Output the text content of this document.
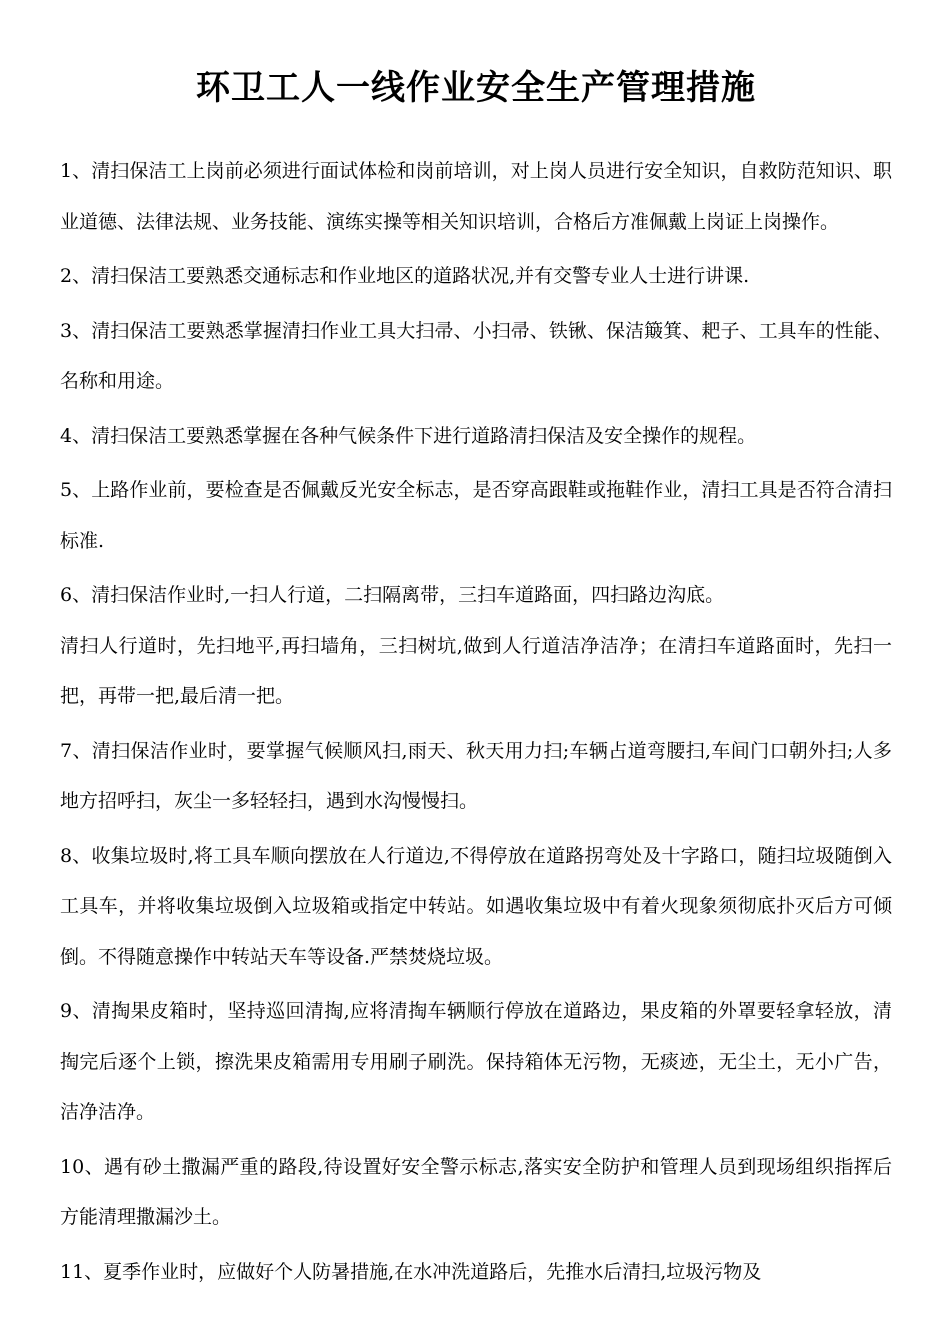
环卫工人一线作业安全生产管理措施

1、清扫保洁工上岗前必须进行面试体检和岗前培训，对上岗人员进行安全知识，自救防范知识、职业道德、法律法规、业务技能、演练实操等相关知识培训，合格后方准佩戴上岗证上岗操作。

2、清扫保洁工要熟悉交通标志和作业地区的道路状况,并有交警专业人士进行讲课.

3、清扫保洁工要熟悉掌握清扫作业工具大扫帚、小扫帚、铁锹、保洁簸箕、耙子、工具车的性能、名称和用途。

4、清扫保洁工要熟悉掌握在各种气候条件下进行道路清扫保洁及安全操作的规程。

5、上路作业前，要检查是否佩戴反光安全标志，是否穿高跟鞋或拖鞋作业，清扫工具是否符合清扫标准.

6、清扫保洁作业时,一扫人行道，二扫隔离带，三扫车道路面，四扫路边沟底。

清扫人行道时，先扫地平,再扫墙角，三扫树坑,做到人行道洁净洁净；在清扫车道路面时，先扫一把，再带一把,最后清一把。

7、清扫保洁作业时，要掌握气候顺风扫,雨天、秋天用力扫;车辆占道弯腰扫,车间门口朝外扫;人多地方招呼扫，灰尘一多轻轻扫，遇到水沟慢慢扫。

8、收集垃圾时,将工具车顺向摆放在人行道边,不得停放在道路拐弯处及十字路口，随扫垃圾随倒入工具车，并将收集垃圾倒入垃圾箱或指定中转站。如遇收集垃圾中有着火现象须彻底扑灭后方可倾倒。不得随意操作中转站天车等设备.严禁焚烧垃圾。

9、清掏果皮箱时，坚持巡回清掏,应将清掏车辆顺行停放在道路边，果皮箱的外罩要轻拿轻放，清掏完后逐个上锁，擦洗果皮箱需用专用刷子刷洗。保持箱体无污物，无痰迹，无尘土，无小广告，洁净洁净。

10、遇有砂土撒漏严重的路段,待设置好安全警示标志,落实安全防护和管理人员到现场组织指挥后方能清理撒漏沙土。

11、夏季作业时，应做好个人防暑措施,在水冲洗道路后，先推水后清扫,垃圾污物及
